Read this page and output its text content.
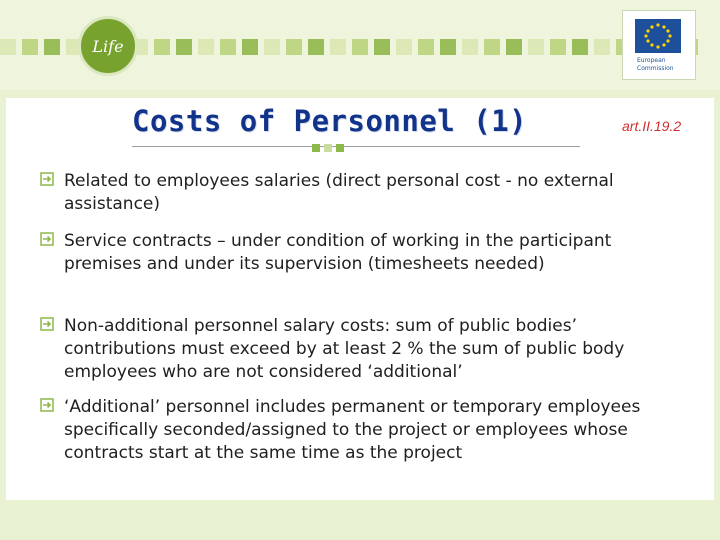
Life
European Commission
Costs of Personnel (1)	art.II.19.2
Related to employees salaries (direct personal cost - no external assistance)
Service contracts – under condition of working in the participant premises and under its supervision (timesheets needed)
Non-additional personnel salary costs: sum of public bodies’ contributions must exceed by at least 2 % the sum of public body employees who are not considered ‘additional’
‘Additional’ personnel includes permanent or temporary employees specifically seconded/assigned to the project or employees whose contracts start at the same time as the project
